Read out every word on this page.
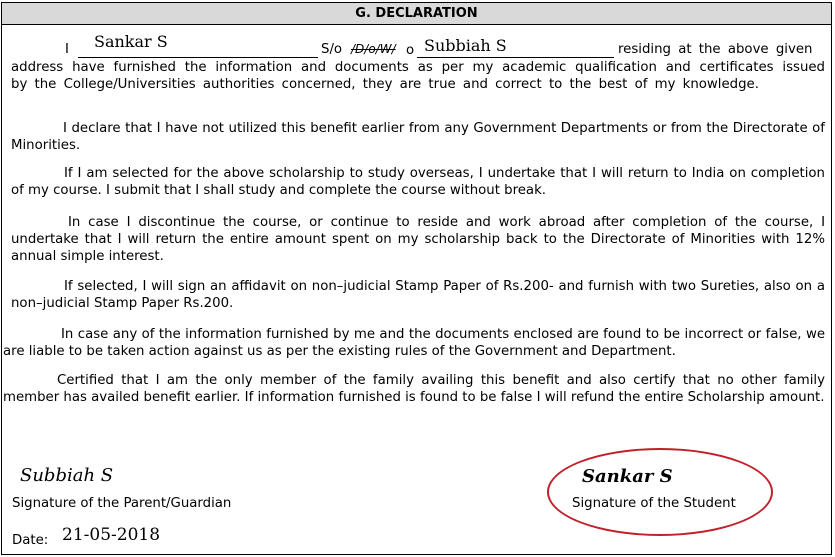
G. DECLARATION
I Sankar S	S/o /D/o/W/ o Subbiah S	residing at the above given
address have furnished the information and documents as per my academic qualification and certificates issued by the College/Universities authorities concerned, they are true and correct to the best of my knowledge.
I declare that I have not utilized this benefit earlier from any Government Departments or from the Directorate of Minorities.
If I am selected for the above scholarship to study overseas, I undertake that I will return to India on completion of my course. I submit that I shall study and complete the course without break.
In case I discontinue the course, or continue to reside and work abroad after completion of the course, I undertake that I will return the entire amount spent on my scholarship back to the Directorate of Minorities with 12% annual simple interest.
If selected, I will sign an affidavit on non–judicial Stamp Paper of Rs.200- and furnish with two Sureties, also on a non–judicial Stamp Paper Rs.200.
In case any of the information furnished by me and the documents enclosed are found to be incorrect or false, we are liable to be taken action against us as per the existing rules of the Government and Department.
Certified that I am the only member of the family availing this benefit and also certify that no other family member has availed benefit earlier. If information furnished is found to be false I will refund the entire Scholarship amount.
Subbiah S
Signature of the Parent/Guardian
Sankar S
Signature of the Student
Date: 21-05-2018
